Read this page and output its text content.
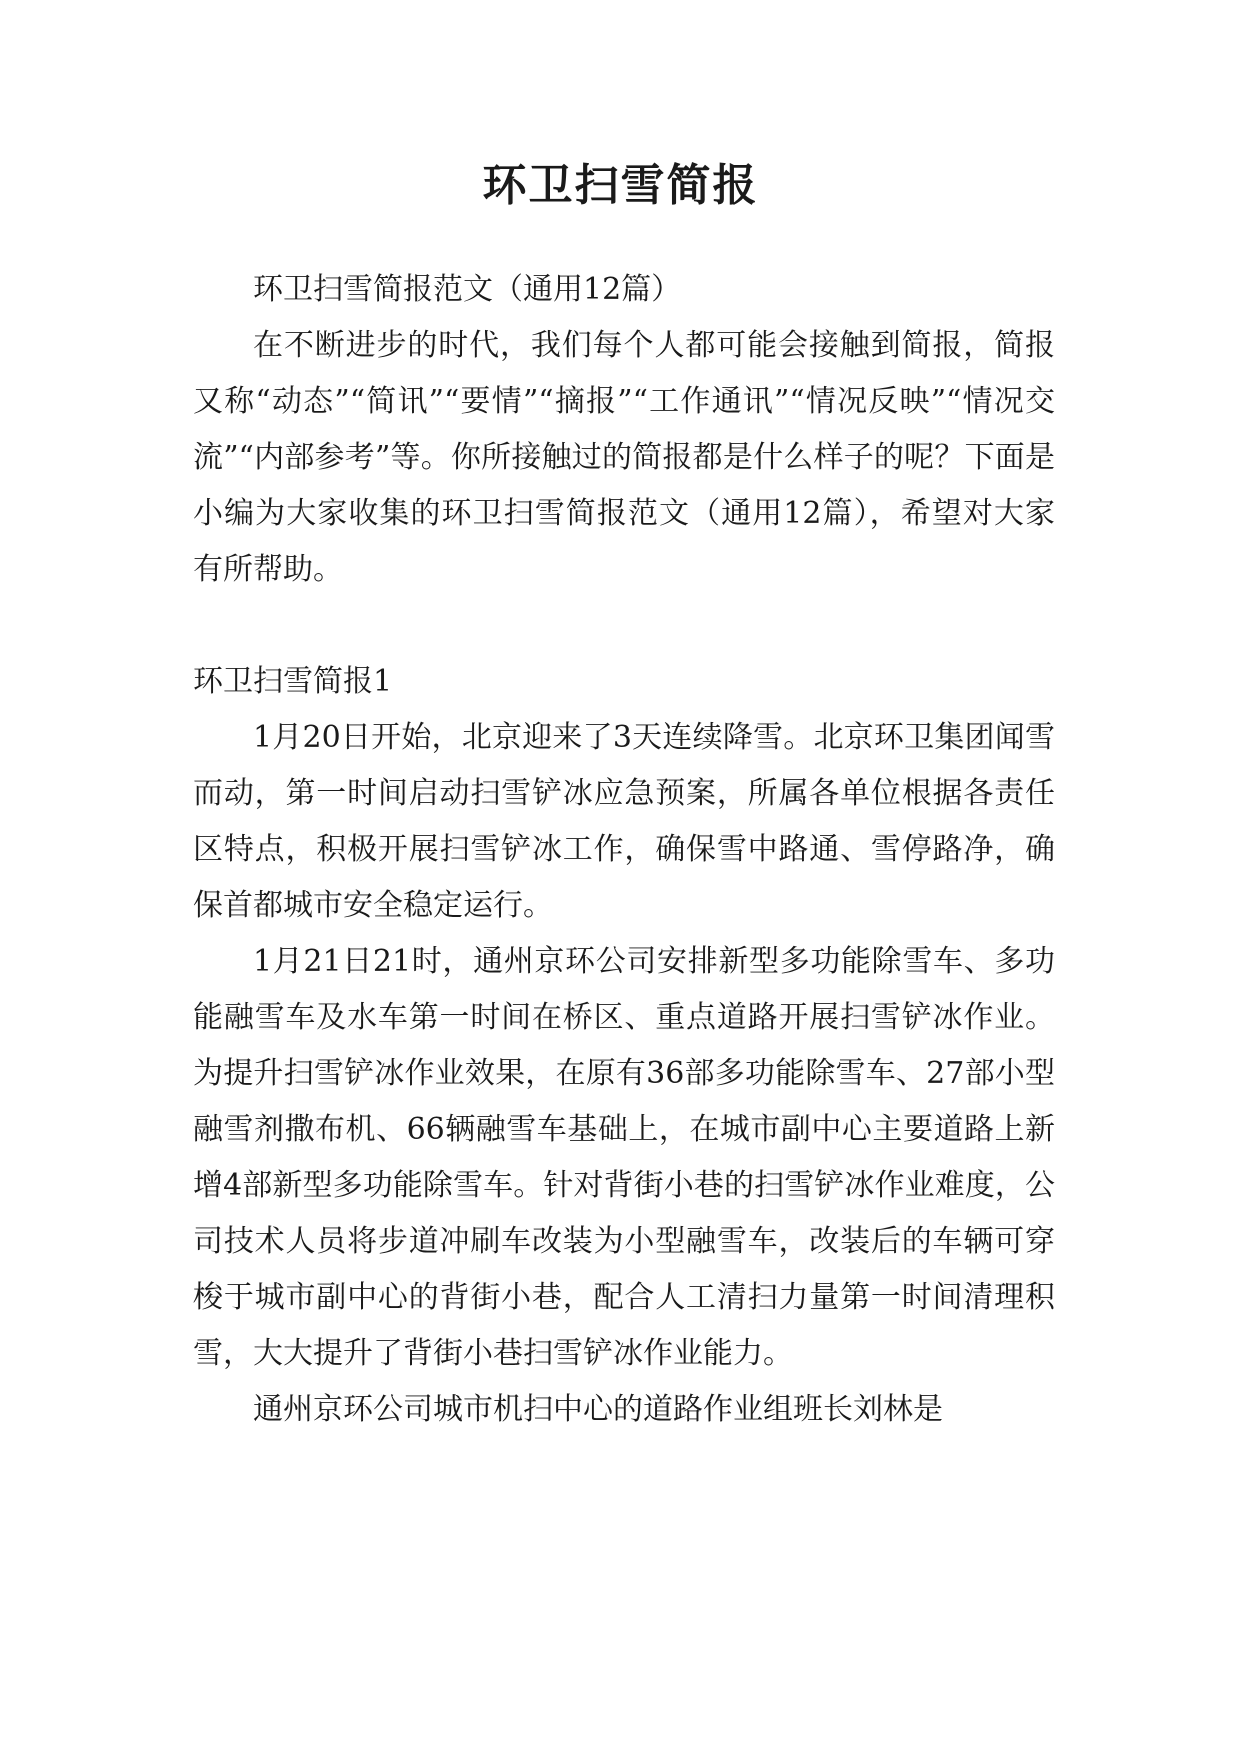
环卫扫雪简报

环卫扫雪简报范文（通用12篇）

在不断进步的时代，我们每个人都可能会接触到简报，简报又称“动态”“简讯”“要情”“摘报”“工作通讯”“情况反映”“情况交流”“内部参考”等。你所接触过的简报都是什么样子的呢？下面是小编为大家收集的环卫扫雪简报范文（通用12篇），希望对大家有所帮助。

环卫扫雪简报1

1月20日开始，北京迎来了3天连续降雪。北京环卫集团闻雪而动，第一时间启动扫雪铲冰应急预案，所属各单位根据各责任区特点，积极开展扫雪铲冰工作，确保雪中路通、雪停路净，确保首都城市安全稳定运行。

1月21日21时，通州京环公司安排新型多功能除雪车、多功能融雪车及水车第一时间在桥区、重点道路开展扫雪铲冰作业。为提升扫雪铲冰作业效果，在原有36部多功能除雪车、27部小型融雪剂撒布机、66辆融雪车基础上，在城市副中心主要道路上新增4部新型多功能除雪车。针对背街小巷的扫雪铲冰作业难度，公司技术人员将步道冲刷车改装为小型融雪车，改装后的车辆可穿梭于城市副中心的背街小巷，配合人工清扫力量第一时间清理积雪，大大提升了背街小巷扫雪铲冰作业能力。

通州京环公司城市机扫中心的道路作业组班长刘林是
